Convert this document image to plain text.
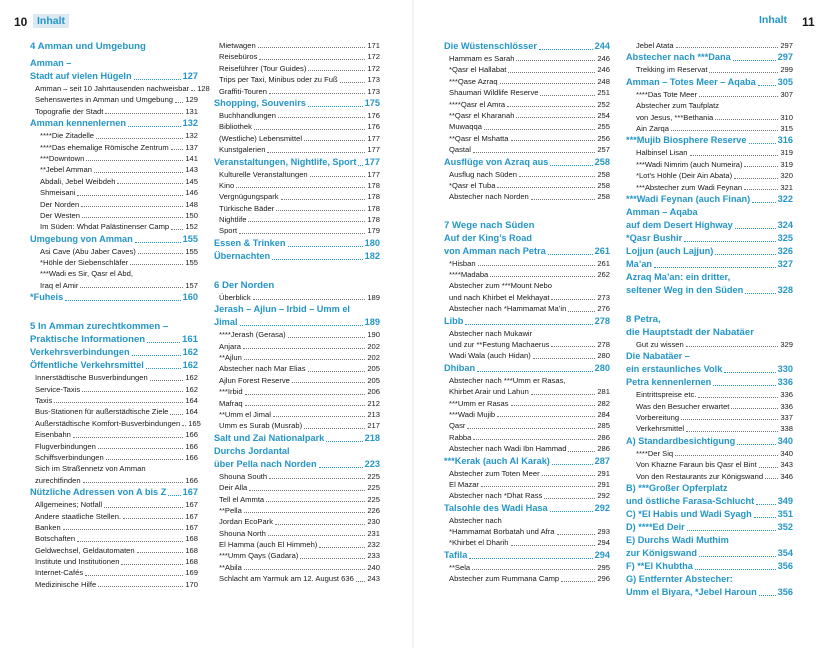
10 Inhalt
4 Amman und Umgebung
Amman –
Stadt auf vielen Hügeln	127
Amman – seit 10 Jahrtausenden nachweisbar 128
Sehenswertes in Amman und Umgebung 129
Topografie der Stadt	131
Amman kennenlernen	132
****Die Zitadelle	132
****Das ehemalige Römische Zentrum 137
***Downtown	141
**Jebel Amman	143
Abdali, Jebel Weibdeh	145
Shmeisani	146
Der Norden	148
Der Westen	150
Im Süden: Whdat Palästinenser Camp 152
Umgebung von Amman	155
Asi Cave (Abu Jaber Caves)	155
*Höhle der Siebenschläfer	155
***Wadi es Sir, Qasr el Abd,
Iraq el Amir	157
*Fuheis	160
5 In Amman zurechtkommen –
Praktische Informationen	161
Verkehrsverbindungen	162
Öffentliche Verkehrsmittel	162
Innerstädtische Busverbindungen	162
Service-Taxis	162
Taxis	164
Bus-Stationen für außerstädtische Ziele 164
Außerstädtische Komfort-Busverbindungen 165
Eisenbahn	166
Flugverbindungen	166
Schiffsverbindungen	166
Sich im Straßennetz von Amman
zurechtfinden	166
Nützliche Adressen von A bis Z 167
Allgemeines; Notfall	167
Andere staatliche Stellen.	167
Banken	167
Botschaften	168
Geldwechsel, Geldautomaten	168
Institute und Institutionen	168
Internet-Cafés	169
Medizinische Hilfe	170
Mietwagen	171
Reisebüros	172
Reiseführer (Tour Guides)	172
Trips per Taxi, Minibus oder zu Fuß	173
Graffiti-Touren	173
Shopping, Souvenirs	175
Buchhandlungen	176
Bibliothek	176
(Westliche) Lebensmittel	177
Kunstgalerien	177
Veranstaltungen, Nightlife, Sport 177
Kulturelle Veranstaltungen	177
Kino	178
Vergnügungspark	178
Türkische Bäder	178
Nightlife	178
Sport	179
Essen & Trinken	180
Übernachten	182
6 Der Norden
Überblick	189
Jerash – Ajlun – Irbid – Umm el
Jimal	189
****Jerash (Gerasa)	190
Anjara	202
**Ajlun	202
Abstecher nach Mar Elias	205
Ajlun Forest Reserve	205
***Irbid	206
Mafraq	212
**Umm el Jimal	213
Umm es Surab (Musrab)	217
Salt und Zai Nationalpark	218
Durchs Jordantal
über Pella nach Norden	223
Shouna South	225
Deir Alla	225
Tell el Ammta	225
**Pella	226
Jordan EcoPark	230
Shouna North	231
El Hamma (auch El Himmeh)	232
***Umm Qays (Gadara)	233
**Abila	240
Schlacht am Yarmuk am 12. August 636 243
Inhalt 11
Die Wüstenschlösser	244
Hammam es Sarah	246
*Qasr el Hallabat	246
***Qase Azraq	248
Shaumari Wildlife Reserve	251
****Qasr el Amra	252
**Qasr el Kharanah	254
Muwaqqa	255
**Qasr el Mshatta	256
Qastal	257
Ausflüge von Azraq aus	258
Ausflug nach Süden	258
*Qasr el Tuba	258
Abstecher nach Norden	258
7 Wege nach Süden
Auf der King’s Road
von Amman nach Petra	261
*Hisban	261
****Madaba	262
Abstecher zum ***Mount Nebo
und nach Khirbet el Mekhayat	273
Abstecher nach *Hammamat Ma’in	276
Libb	278
Abstecher nach Mukawir
und zur **Festung Machaerus	278
Wadi Wala (auch Hidan)	280
Dhiban	280
Abstecher nach ***Umm er Rasas,
Khirbet Arair und Lahun	281
***Umm er Rasas	282
***Wadi Mujib	284
Qasr	285
Rabba	286
Abstecher nach Wadi Ibn Hammad	286
***Kerak (auch Al Karak)	287
Abstecher zum Toten Meer	291
El Mazar	291
Abstecher nach *Dhat Rass	292
Talsohle des Wadi Hasa	292
Abstecher nach
*Hammamat Borbatah und Afra	293
*Khirbet el Dharih	294
Tafila	294
**Sela	295
Abstecher zum Rummana Camp	296
Jebel Atata	297
Abstecher nach ***Dana	297
Trekking im Reservat	299
Amman – Totes Meer – Aqaba 305
****Das Tote Meer	307
Abstecher zum Taufplatz
von Jesus, ***Bethania	310
Ain Zarqa	315
***Mujib Biosphere Reserve	316
Halbinsel Lisan	319
***Wadi Nimrim (auch Numeira)	319
*Lot’s Höhle (Deir Ain Abata)	320
***Abstecher zum Wadi Feynan	321
***Wadi Feynan (auch Finan)	322
Amman – Aqaba
auf dem Desert Highway	324
*Qasr Bushir	325
Lojjun (auch Lajjun)	326
Ma’an	327
Azraq Ma’an: ein dritter,
seltener Weg in den Süden	328
8 Petra,
die Hauptstadt der Nabatäer
Gut zu wissen	329
Die Nabatäer –
ein erstaunliches Volk	330
Petra kennenlernen	336
Eintrittspreise etc.	336
Was den Besucher erwartet	336
Vorbereitung	337
Verkehrsmittel	338
A) Standardbesichtigung	340
****Der Siq	340
Von Khazne Faraun bis Qasr el Bint	343
Von den Restaurants zur Königswand 346
B) ***Großer Opferplatz
und östliche Farasa-Schlucht	349
C) *El Habis und Wadi Syagh	351
D) ****Ed Deir	352
E) Durchs Wadi Muthim
zur Königswand	354
F) **El Khubtha	356
G) Entfernter Abstecher:
Umm el Biyara, *Jebel Haroun 356
